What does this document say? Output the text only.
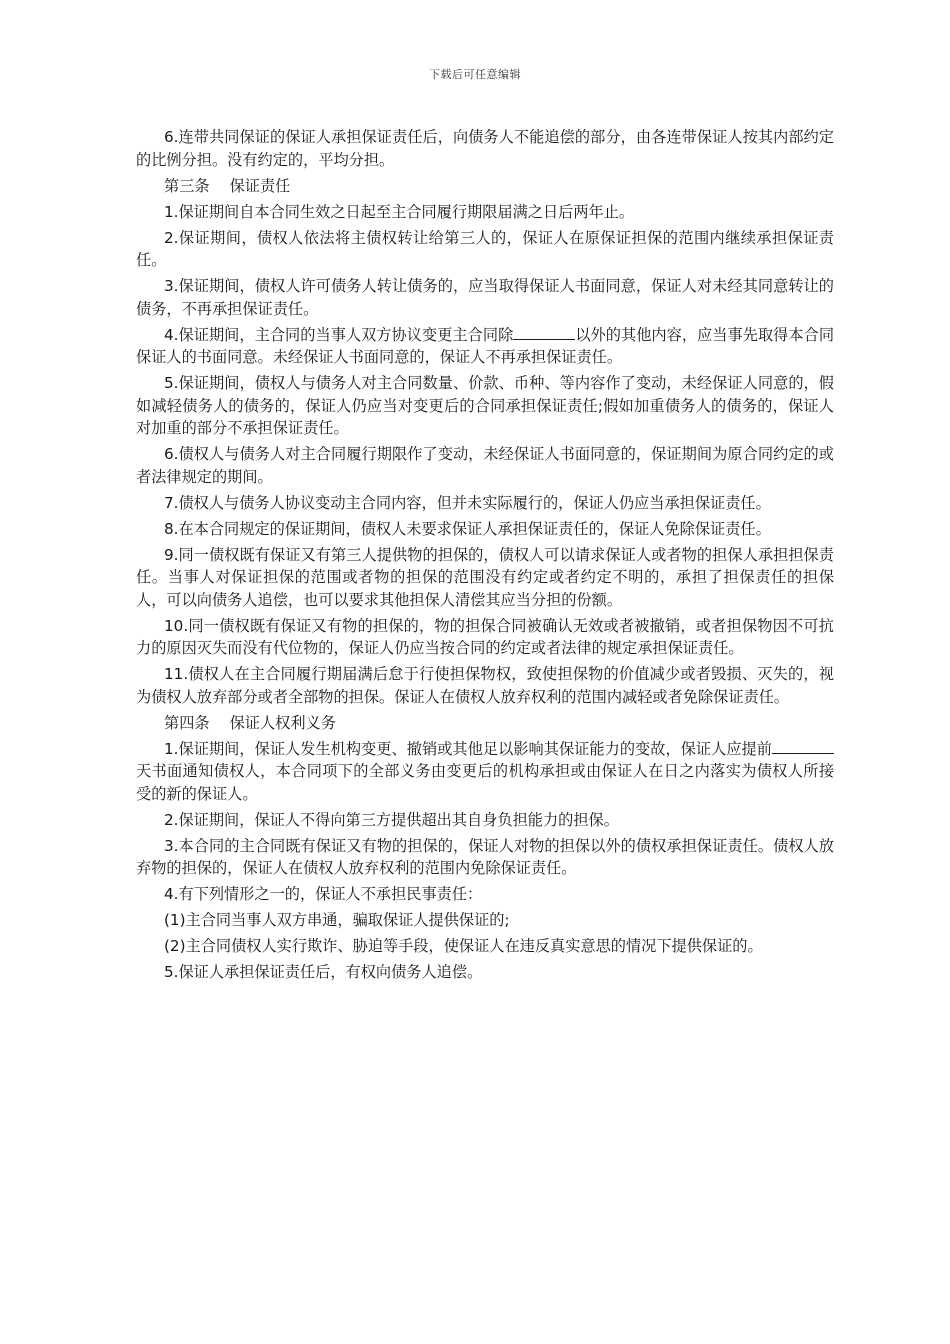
下载后可任意编辑

6.连带共同保证的保证人承担保证责任后，向债务人不能追偿的部分，由各连带保证人按其内部约定的比例分担。没有约定的，平均分担。

第三条 保证责任

1.保证期间自本合同生效之日起至主合同履行期限届满之日后两年止。

2.保证期间，债权人依法将主债权转让给第三人的，保证人在原保证担保的范围内继续承担保证责任。

3.保证期间，债权人许可债务人转让债务的，应当取得保证人书面同意，保证人对未经其同意转让的债务，不再承担保证责任。

4.保证期间，主合同的当事人双方协议变更主合同除	以外的其他内容，应当事先取得本合同保证人的书面同意。未经保证人书面同意的，保证人不再承担保证责任。

5.保证期间，债权人与债务人对主合同数量、价款、币种、等内容作了变动，未经保证人同意的，假如减轻债务人的债务的，保证人仍应当对变更后的合同承担保证责任;假如加重债务人的债务的，保证人对加重的部分不承担保证责任。

6.债权人与债务人对主合同履行期限作了变动，未经保证人书面同意的，保证期间为原合同约定的或者法律规定的期间。

7.债权人与债务人协议变动主合同内容，但并未实际履行的，保证人仍应当承担保证责任。

8.在本合同规定的保证期间，债权人未要求保证人承担保证责任的，保证人免除保证责任。

9.同一债权既有保证又有第三人提供物的担保的，债权人可以请求保证人或者物的担保人承担担保责任。当事人对保证担保的范围或者物的担保的范围没有约定或者约定不明的，承担了担保责任的担保人，可以向债务人追偿，也可以要求其他担保人清偿其应当分担的份额。

10.同一债权既有保证又有物的担保的，物的担保合同被确认无效或者被撤销，或者担保物因不可抗力的原因灭失而没有代位物的，保证人仍应当按合同的约定或者法律的规定承担保证责任。

11.债权人在主合同履行期届满后怠于行使担保物权，致使担保物的价值减少或者毁损、灭失的，视为债权人放弃部分或者全部物的担保。保证人在债权人放弃权利的范围内减轻或者免除保证责任。

第四条 保证人权利义务

1.保证期间，保证人发生机构变更、撤销或其他足以影响其保证能力的变故，保证人应提前天书面通知债权人，本合同项下的全部义务由变更后的机构承担或由保证人在日之内落实为债权人所接受的新的保证人。

2.保证期间，保证人不得向第三方提供超出其自身负担能力的担保。

3.本合同的主合同既有保证又有物的担保的，保证人对物的担保以外的债权承担保证责任。债权人放弃物的担保的，保证人在债权人放弃权利的范围内免除保证责任。

4.有下列情形之一的，保证人不承担民事责任：

(1)主合同当事人双方串通，骗取保证人提供保证的;

(2)主合同债权人实行欺诈、胁迫等手段，使保证人在违反真实意思的情况下提供保证的。

5.保证人承担保证责任后，有权向债务人追偿。
